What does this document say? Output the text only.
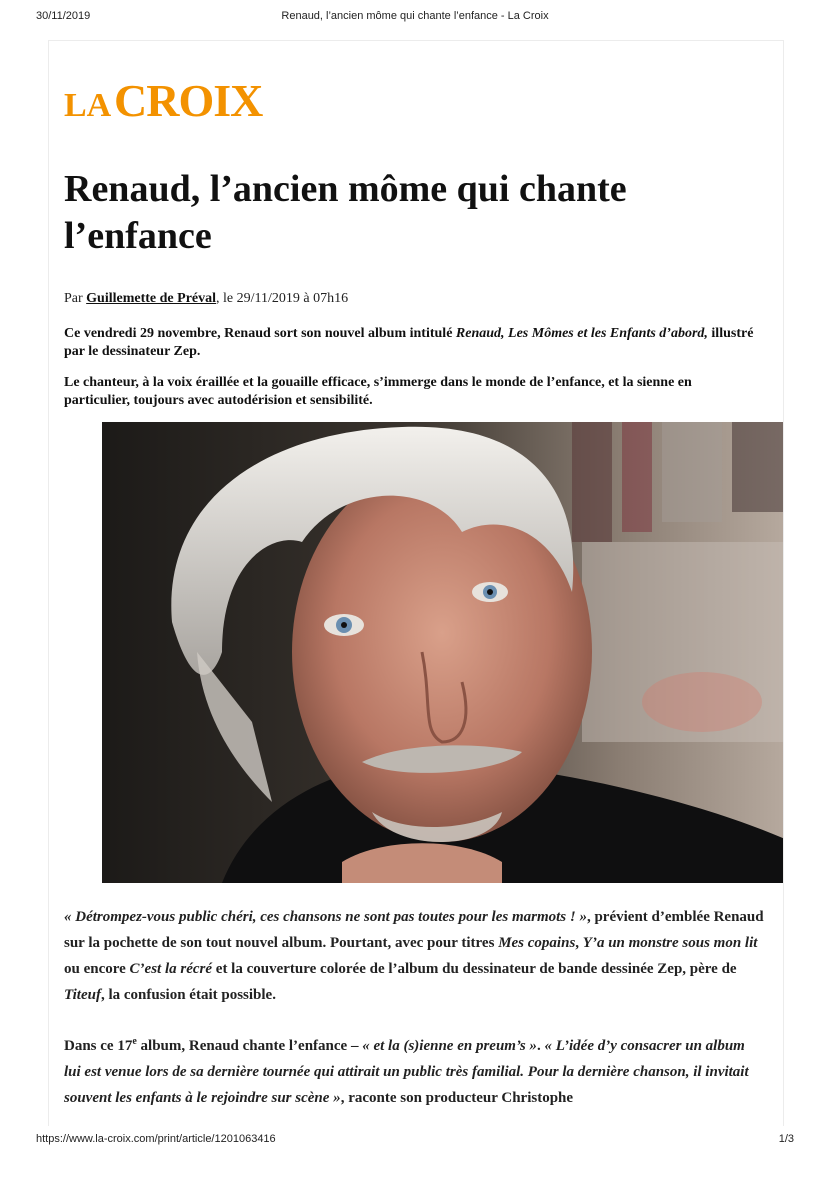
30/11/2019	Renaud, l’ancien môme qui chante l’enfance - La Croix
LA CROIX
Renaud, l’ancien môme qui chante l’enfance
Par Guillemette de Préval, le 29/11/2019 à 07h16

Ce vendredi 29 novembre, Renaud sort son nouvel album intitulé Renaud, Les Mômes et les Enfants d’abord, illustré par le dessinateur Zep.

Le chanteur, à la voix éraillée et la gouaille efficace, s’immerge dans le monde de l’enfance, et la sienne en particulier, toujours avec autodérision et sensibilité.

« Détrompez-vous public chéri, ces chansons ne sont pas toutes pour les marmots ! », prévient d’emblée Renaud sur la pochette de son tout nouvel album. Pourtant, avec pour titres Mes copains, Y’a un monstre sous mon lit ou encore C’est la récré et la couverture colorée de l’album du dessinateur de bande dessinée Zep, père de Titeuf, la confusion était possible.

Dans ce 17e album, Renaud chante l’enfance – « et la (s)ienne en preum’s ». « L’idée d’y consacrer un album lui est venue lors de sa dernière tournée qui attirait un public très familial. Pour la dernière chanson, il invitait souvent les enfants à le rejoindre sur scène », raconte son producteur Christophe

https://www.la-croix.com/print/article/1201063416	1/3
